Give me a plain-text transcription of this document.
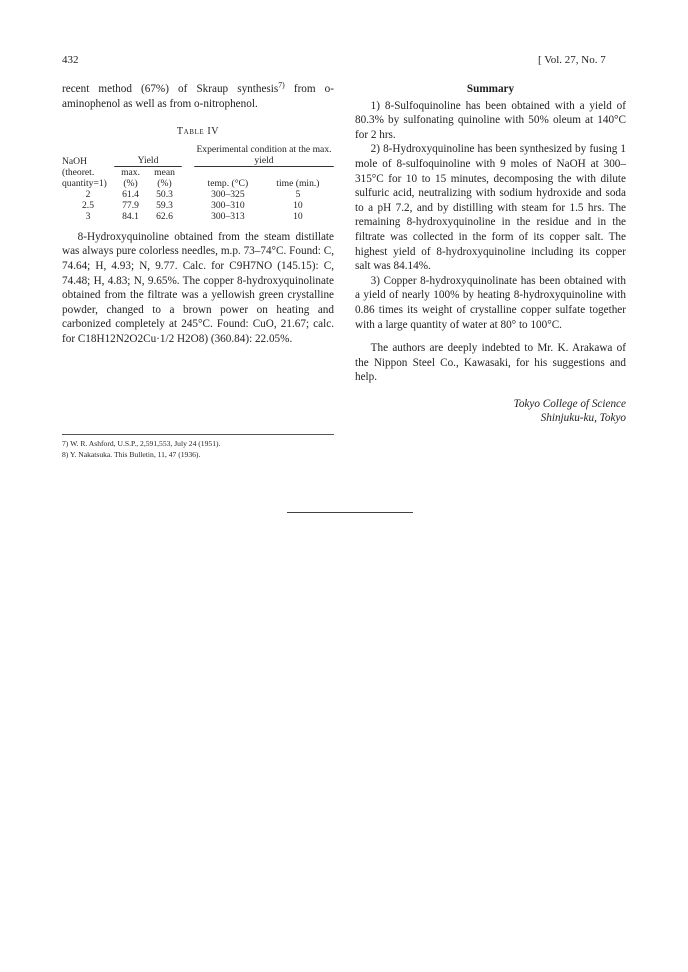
432	[ Vol. 27, No. 7

recent method (67%) of Skraup synthesis$^{7)}$ from o-aminophenol as well as from o-nitrophenol.

Table IV
NaOH (theoret. quantity=1)	Yield			Experimental condition at the max. yield	

	max. (%)	mean (%)		temp. (°C)	time (min.)
2	61.4	50.3		300–325	5
2.5	77.9	59.3		300–310	10
3	84.1	62.6		300–313	10

8-Hydroxyquinoline obtained from the steam distillate was always pure colorless needles, m.p. 73–74°C. Found: C, 74.64; H, 4.93; N, 9.77. Calc. for C9H7NO (145.15): C, 74.48; H, 4.83; N, 9.65%. The copper 8-hydroxyquinolinate obtained from the filtrate was a yellowish green crystalline powder, changed to a brown power on heating and carbonized completely at 245°C. Found: CuO, 21.67; calc. for C18H12N2O2Cu·1/2 H2O8) (360.84): 22.05%.

7) W. R. Ashford, U.S.P., 2,591,553, July 24 (1951).
8) Y. Nakatsuka. This Bulletin, 11, 47 (1936).
Summary

1) 8-Sulfoquinoline has been obtained with a yield of 80.3% by sulfonating quinoline with 50% oleum at 140°C for 2 hrs.

2) 8-Hydroxyquinoline has been synthesized by fusing 1 mole of 8-sulfoquinoline with 9 moles of NaOH at 300–315°C for 10 to 15 minutes, decomposing the with dilute sulfuric acid, neutralizing with sodium hydroxide and soda to a pH 7.2, and by distilling with steam for 1.5 hrs. The remaining 8-hydroxyquinoline in the residue and in the filtrate was collected in the form of its copper salt. The highest yield of 8-hydroxyquinoline including its copper salt was 84.14%.

3) Copper 8-hydroxyquinolinate has been obtained with a yield of nearly 100% by heating 8-hydroxyquinoline with 0.86 times its weight of crystalline copper sulfate together with a large quantity of water at 80° to 100°C.

The authors are deeply indebted to Mr. K. Arakawa of the Nippon Steel Co., Kawasaki, for his suggestions and help.

Tokyo College of Science
Shinjuku-ku, Tokyo
